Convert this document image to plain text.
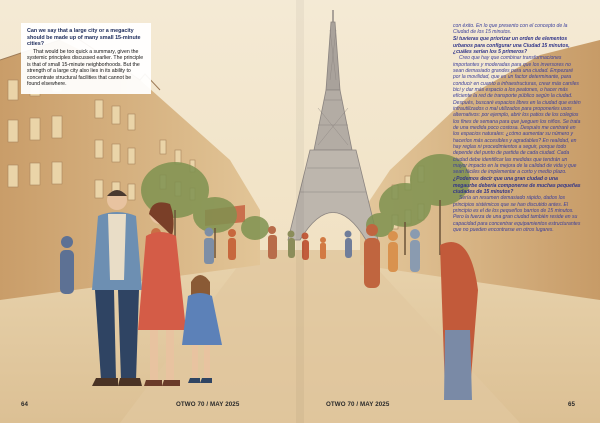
Can we say that a large city or a megacity should be made up of many small 15-minute cities?

That would be too quick a summary, given the systemic principles discussed earlier. The principle is that of small 15-minute neighborhoods. But the strength of a large city also lies in its ability to concentrate structural facilities that cannot be found elsewhere.

con éxito. En lo que presento con el concepto de la Ciudad de los 15 minutos.

Si tuvieras que priorizar un orden de elementos urbanos para configurar una Ciudad 15 minutos, ¿cuáles serían los 5 primeros?

Creo que hay que combinar transformaciones importantes y moderadas para que los inversores no sean demasiado grandes para una ciudad. Empezaré por la movilidad, que es un factor determinante, para conducir en cuanto a infraestructuras, crear más carriles bici y dar más espacio a los peatones, o hacer más eficiente la red de transporte público según la ciudad. Después, buscaré espacios libres en la ciudad que estén infrautilizados o mal utilizados para proponerles usos alternativos: por ejemplo, abrir los patios de los colegios los fines de semana para que jueguen los niños. Se trata de una medida poco costosa. Después me centraré en los espacios naturales: ¿cómo aumentar su número y hacerlos más accesibles y agradables? En realidad, en hay reglas ni procedimientos a seguir, porque todo depende del punto de partida de cada ciudad. Cada ciudad debe identificar las medidas que tendrán un mayor impacto en la mejora de la calidad de vida y que sean fáciles de implementar a corto y medio plazo.

¿Podemos decir que una gran ciudad o una megaurbe debería componerse de muchas pequeñas ciudades de 15 minutos?

Sería un resumen demasiado rápido, dados los principios sistémicos que se han discutido antes. El principio es el de los pequeños barrios de 15 minutos. Pero la fuerza de una gran ciudad también reside en su capacidad para concentrar equipamientos estructurantes que no pueden encontrarse en otros lugares.

64	OTWO 70 / MAY 2025	OTWO 70 / MAY 2025	65
